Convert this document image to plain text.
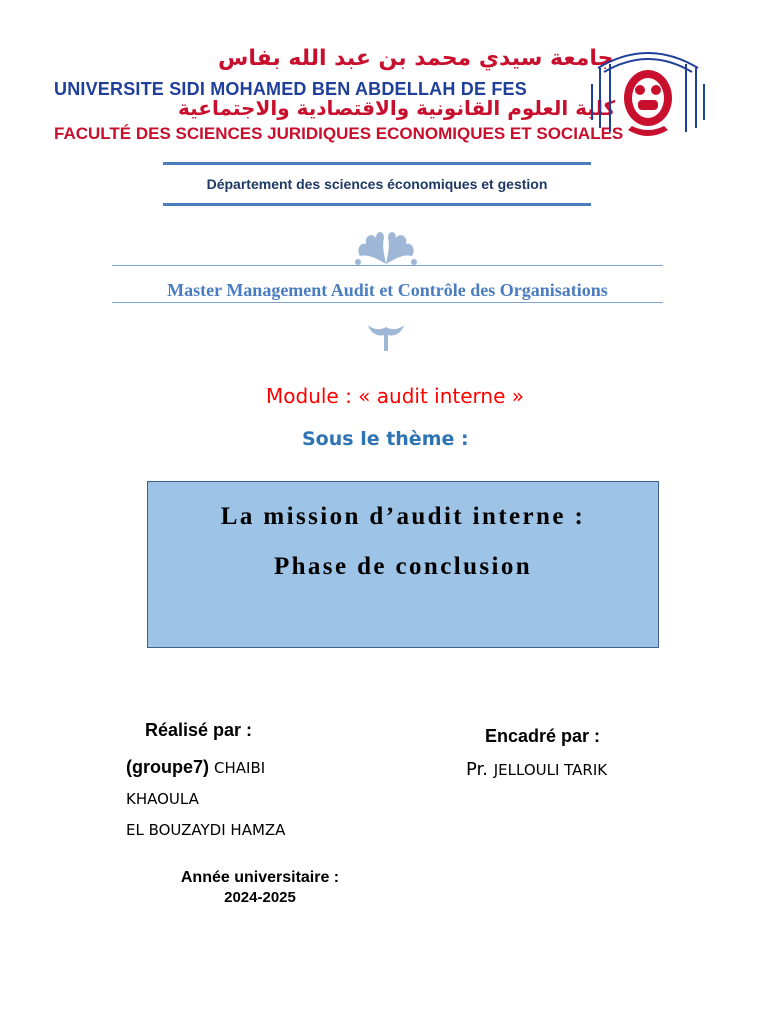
جامعة سيدي محمد بن عبد الله بفاس
UNIVERSITE SIDI MOHAMED BEN ABDELLAH DE FES
كلية العلوم القانونية والاقتصادية والاجتماعية
FACULTÉ DES SCIENCES JURIDIQUES ECONOMIQUES ET SOCIALES
Département des sciences économiques et gestion
Master Management Audit et Contrôle des Organisations
Module : « audit interne »
Sous le thème :
La mission d’audit interne :
Phase de conclusion
Réalisé par :
(groupe7) CHAIBI
KHAOULA
EL BOUZAYDI HAMZA
Encadré par :
Pr. JELLOULI TARIK
Année universitaire :
2024-2025
